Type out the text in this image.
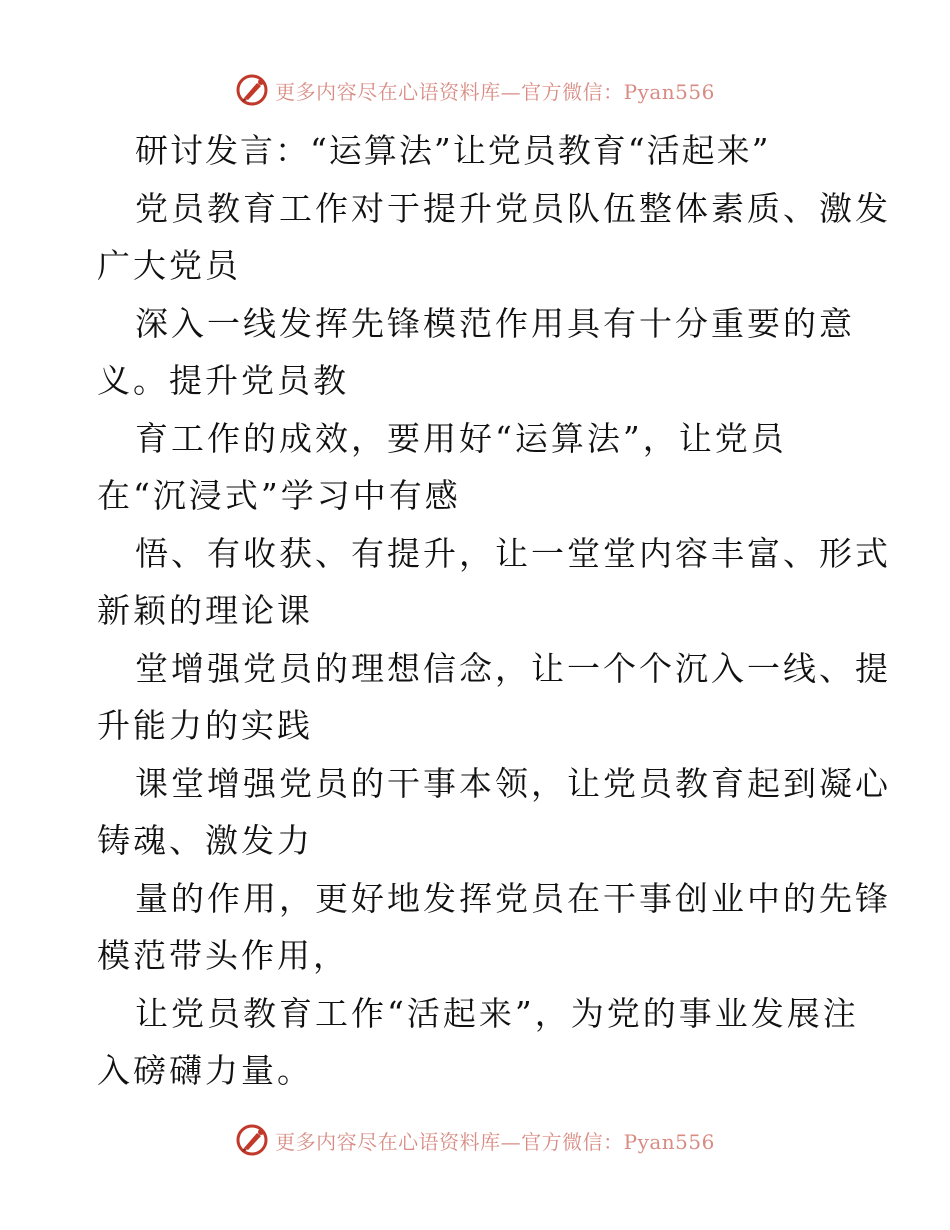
更多内容尽在心语资料库—官方微信：Pyan556
研讨发言：“运算法”让党员教育“活起来”
党员教育工作对于提升党员队伍整体素质、激发
广大党员
深入一线发挥先锋模范作用具有十分重要的意
义。提升党员教
育工作的成效，要用好“运算法”，让党员
在“沉浸式”学习中有感
悟、有收获、有提升，让一堂堂内容丰富、形式
新颖的理论课
堂增强党员的理想信念，让一个个沉入一线、提
升能力的实践
课堂增强党员的干事本领，让党员教育起到凝心
铸魂、激发力
量的作用，更好地发挥党员在干事创业中的先锋
模范带头作用，
让党员教育工作“活起来”，为党的事业发展注
入磅礴力量。
更多内容尽在心语资料库—官方微信：Pyan556
